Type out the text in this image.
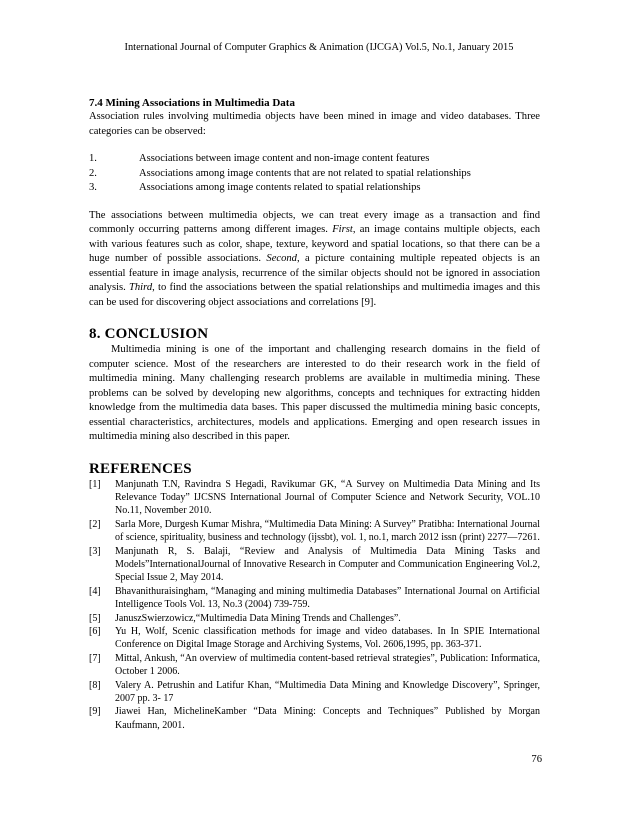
International Journal of Computer Graphics & Animation (IJCGA) Vol.5, No.1, January 2015
7.4 Mining Associations in Multimedia Data

Association rules involving multimedia objects have been mined in image and video databases. Three categories can be observed:

1.	Associations between image content and non-image content features
2.	Associations among image contents that are not related to spatial relationships
3.	Associations among image contents related to spatial relationships

The associations between multimedia objects, we can treat every image as a transaction and find commonly occurring patterns among different images. First, an image contains multiple objects, each with various features such as color, shape, texture, keyword and spatial locations, so that there can be a huge number of possible associations. Second, a picture containing multiple repeated objects is an essential feature in image analysis, recurrence of the similar objects should not be ignored in association analysis. Third, to find the associations between the spatial relationships and multimedia images and this can be used for discovering object associations and correlations [9].

8. CONCLUSION

Multimedia mining is one of the important and challenging research domains in the field of computer science. Most of the researchers are interested to do their research work in the field of multimedia mining. Many challenging research problems are available in multimedia mining. These problems can be solved by developing new algorithms, concepts and techniques for extracting hidden knowledge from the multimedia data bases. This paper discussed the multimedia mining basic concepts, essential characteristics, architectures, models and applications. Emerging and open research issues in multimedia mining also described in this paper.

REFERENCES
[1]	Manjunath T.N, Ravindra S Hegadi, Ravikumar GK, “A Survey on Multimedia Data Mining and Its Relevance Today” IJCSNS International Journal of Computer Science and Network Security, VOL.10 No.11, November 2010.
[2]	Sarla More, Durgesh Kumar Mishra, “Multimedia Data Mining: A Survey” Pratibha: International Journal of science, spirituality, business and technology (ijssbt), vol. 1, no.1, march 2012 issn (print) 2277—7261.
[3]	Manjunath R, S. Balaji, “Review and Analysis of Multimedia Data Mining Tasks and Models”InternationalJournal of Innovative Research in Computer and Communication Engineering Vol.2, Special Issue 2, May 2014.
[4]	Bhavanithuraisingham, “Managing and mining multimedia Databases” International Journal on Artificial Intelligence Tools Vol. 13, No.3 (2004) 739-759.
[5]	JanuszSwierzowicz,“Multimedia Data Mining Trends and Challenges”.
[6]	Yu H, Wolf, Scenic classification methods for image and video databases. In In SPIE International Conference on Digital Image Storage and Archiving Systems, Vol. 2606,1995, pp. 363-371.
[7]	Mittal, Ankush, “An overview of multimedia content-based retrieval strategies”, Publication: Informatica, October 1 2006.
[8]	Valery A. Petrushin and Latifur Khan, “Multimedia Data Mining and Knowledge Discovery”, Springer, 2007 pp. 3- 17
[9]	Jiawei Han, MichelineKamber “Data Mining: Concepts and Techniques” Published by Morgan Kaufmann, 2001.
76
